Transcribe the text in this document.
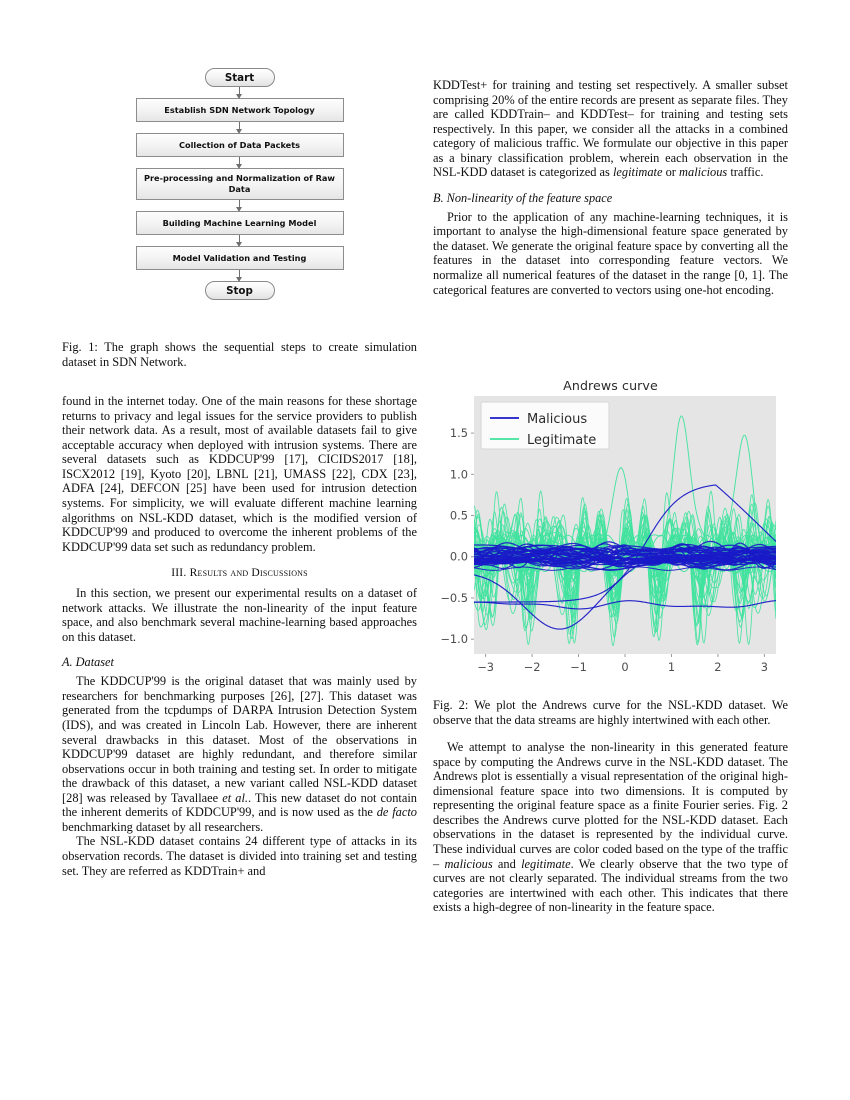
Start
Establish SDN Network Topology
Collection of Data Packets
Pre-processing and Normalization of Raw Data
Building Machine Learning Model
Model Validation and Testing
Stop

Fig. 1: The graph shows the sequential steps to create simulation dataset in SDN Network.

found in the internet today. One of the main reasons for these shortage returns to privacy and legal issues for the service providers to publish their network data. As a result, most of available datasets fail to give acceptable accuracy when deployed with intrusion systems. There are several datasets such as KDDCUP'99 [17], CICIDS2017 [18], ISCX2012 [19], Kyoto [20], LBNL [21], UMASS [22], CDX [23], ADFA [24], DEFCON [25] have been used for intrusion detection systems. For simplicity, we will evaluate different machine learning algorithms on NSL-KDD dataset, which is the modified version of KDDCUP'99 and produced to overcome the inherent problems of the KDDCUP'99 data set such as redundancy problem.

III. Results and Discussions

In this section, we present our experimental results on a dataset of network attacks. We illustrate the non-linearity of the input feature space, and also benchmark several machine-learning based approaches on this dataset.

A. Dataset

The KDDCUP'99 is the original dataset that was mainly used by researchers for benchmarking purposes [26], [27]. This dataset was generated from the tcpdumps of DARPA Intrusion Detection System (IDS), and was created in Lincoln Lab. However, there are inherent several drawbacks in this dataset. Most of the observations in KDDCUP'99 dataset are highly redundant, and therefore similar observations occur in both training and testing set. In order to mitigate the drawback of this dataset, a new variant called NSL-KDD dataset [28] was released by Tavallaee et al.. This new dataset do not contain the inherent demerits of KDDCUP'99, and is now used as the de facto benchmarking dataset by all researchers.

The NSL-KDD dataset contains 24 different type of attacks in its observation records. The dataset is divided into training set and testing set. They are referred as KDDTrain+ and

KDDTest+ for training and testing set respectively. A smaller subset comprising 20% of the entire records are present as separate files. They are called KDDTrain– and KDDTest– for training and testing sets respectively. In this paper, we consider all the attacks in a combined category of malicious traffic. We formulate our objective in this paper as a binary classification problem, wherein each observation in the NSL-KDD dataset is categorized as legitimate or malicious traffic.

B. Non-linearity of the feature space

Prior to the application of any machine-learning techniques, it is important to analyse the high-dimensional feature space generated by the dataset. We generate the original feature space by converting all the features in the dataset into corresponding feature vectors. We normalize all numerical features of the dataset in the range [0, 1]. The categorical features are converted to vectors using one-hot encoding.

Andrews curve
−1.0
−0.5
0.0
0.5
1.0
1.5
−3	−2	−1	0	1	2	3
Malicious
Legitimate

Fig. 2: We plot the Andrews curve for the NSL-KDD dataset. We observe that the data streams are highly intertwined with each other.

We attempt to analyse the non-linearity in this generated feature space by computing the Andrews curve in the NSL-KDD dataset. The Andrews plot is essentially a visual representation of the original high-dimensional feature space into two dimensions. It is computed by representing the original feature space as a finite Fourier series. Fig. 2 describes the Andrews curve plotted for the NSL-KDD dataset. Each observations in the dataset is represented by the individual curve. These individual curves are color coded based on the type of the traffic – malicious and legitimate. We clearly observe that the two type of curves are not clearly separated. The individual streams from the two categories are intertwined with each other. This indicates that there exists a high-degree of non-linearity in the feature space.
